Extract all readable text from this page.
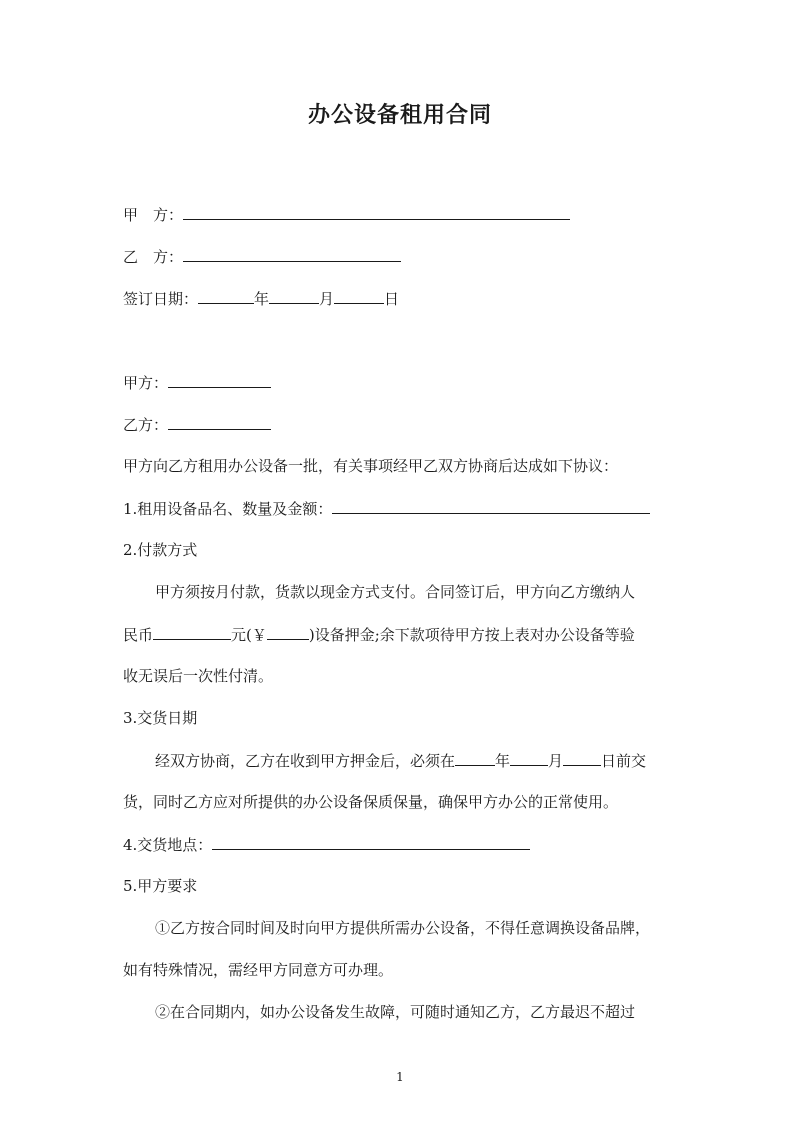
办公设备租用合同
甲　方：
乙　方：
签订日期：	年	月	日
甲方：
乙方：
甲方向乙方租用办公设备一批，有关事项经甲乙双方协商后达成如下协议：
1.租用设备品名、数量及金额：
2.付款方式
甲方须按月付款，货款以现金方式支付。合同签订后，甲方向乙方缴纳人
民币	元(￥	)设备押金;余下款项待甲方按上表对办公设备等验
收无误后一次性付清。
3.交货日期
经双方协商，乙方在收到甲方押金后，必须在	年	月	日前交
货，同时乙方应对所提供的办公设备保质保量，确保甲方办公的正常使用。
4.交货地点：
5.甲方要求
①乙方按合同时间及时向甲方提供所需办公设备，不得任意调换设备品牌，
如有特殊情况，需经甲方同意方可办理。
②在合同期内，如办公设备发生故障，可随时通知乙方，乙方最迟不超过
1
